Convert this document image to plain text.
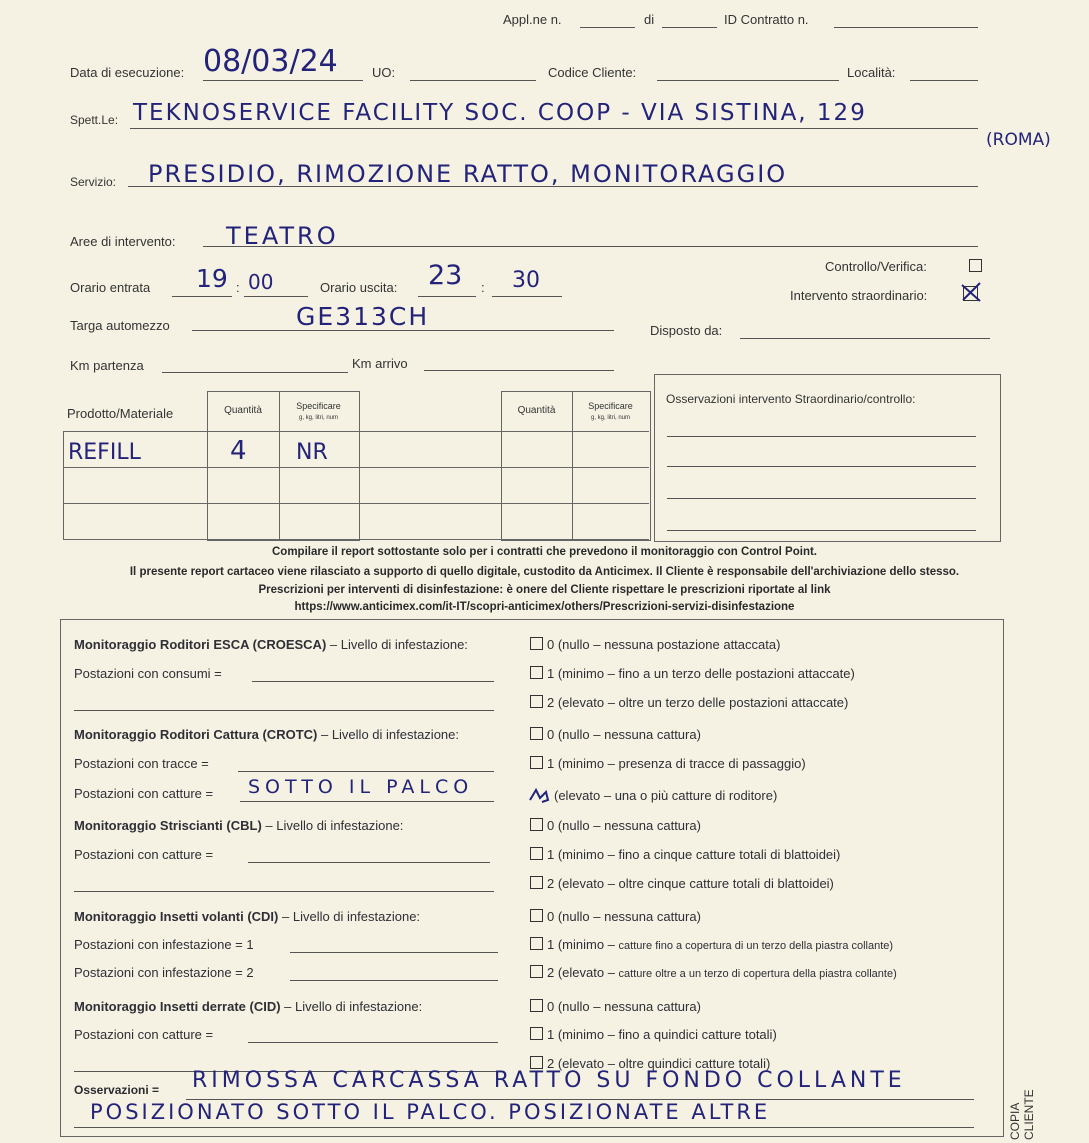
Appl.ne n.	di	ID Contratto n.
Data di esecuzione: 08/03/24	UO:	Codice Cliente:	Località:
Spett.Le: TEKNOSERVICE FACILITY SOC. COOP - VIA SISTINA, 129
(ROMA)
Servizio: PRESIDIO, RIMOZIONE RATTO, MONITORAGGIO
Aree di intervento: TEATRO
Orario entrata 19 : 00	Orario uscita: 23 : 30
Controllo/Verifica:
Intervento straordinario:
Targa automezzo	GE313CH	Disposto da:
Km partenza	Km arrivo
Prodotto/Materiale	Quantità	Specificare
g, kg, litri, num
Quantità	Specificare
g, kg, litri, num
REFILL	4 NR
Osservazioni intervento Straordinario/controllo:
Compilare il report sottostante solo per i contratti che prevedono il monitoraggio con Control Point.
Il presente report cartaceo viene rilasciato a supporto di quello digitale, custodito da Anticimex. Il Cliente è responsabile dell'archiviazione dello stesso.
Prescrizioni per interventi di disinfestazione: è onere del Cliente rispettare le prescrizioni riportate al link
https://www.anticimex.com/it-IT/scopri-anticimex/others/Prescrizioni-servizi-disinfestazione
Monitoraggio Roditori ESCA (CROESCA) – Livello di infestazione:	0 (nullo – nessuna postazione attaccata)
Postazioni con consumi =	1 (minimo – fino a un terzo delle postazioni attaccate)
2 (elevato – oltre un terzo delle postazioni attaccate)
Monitoraggio Roditori Cattura (CROTC) – Livello di infestazione:	0 (nullo – nessuna cattura)
Postazioni con tracce =	1 (minimo – presenza di tracce di passaggio)
Postazioni con catture = SOTTO IL PALCO	(elevato – una o più catture di roditore)
Monitoraggio Striscianti (CBL) – Livello di infestazione:	0 (nullo – nessuna cattura)
Postazioni con catture =	1 (minimo – fino a cinque catture totali di blattoidei)
2 (elevato – oltre cinque catture totali di blattoidei)
Monitoraggio Insetti volanti (CDI) – Livello di infestazione:	0 (nullo – nessuna cattura)
Postazioni con infestazione = 1	1 (minimo – catture fino a copertura di un terzo della piastra collante)
Postazioni con infestazione = 2	2 (elevato – catture oltre a un terzo di copertura della piastra collante)
Monitoraggio Insetti derrate (CID) – Livello di infestazione:	0 (nullo – nessuna cattura)
Postazioni con catture =	1 (minimo – fino a quindici catture totali)
2 (elevato – oltre quindici catture totali)
Osservazioni = RIMOSSA CARCASSA RATTO SU FONDO COLLANTE
POSIZIONATO SOTTO IL PALCO. POSIZIONATE ALTRE	COPIA CLIENTE
